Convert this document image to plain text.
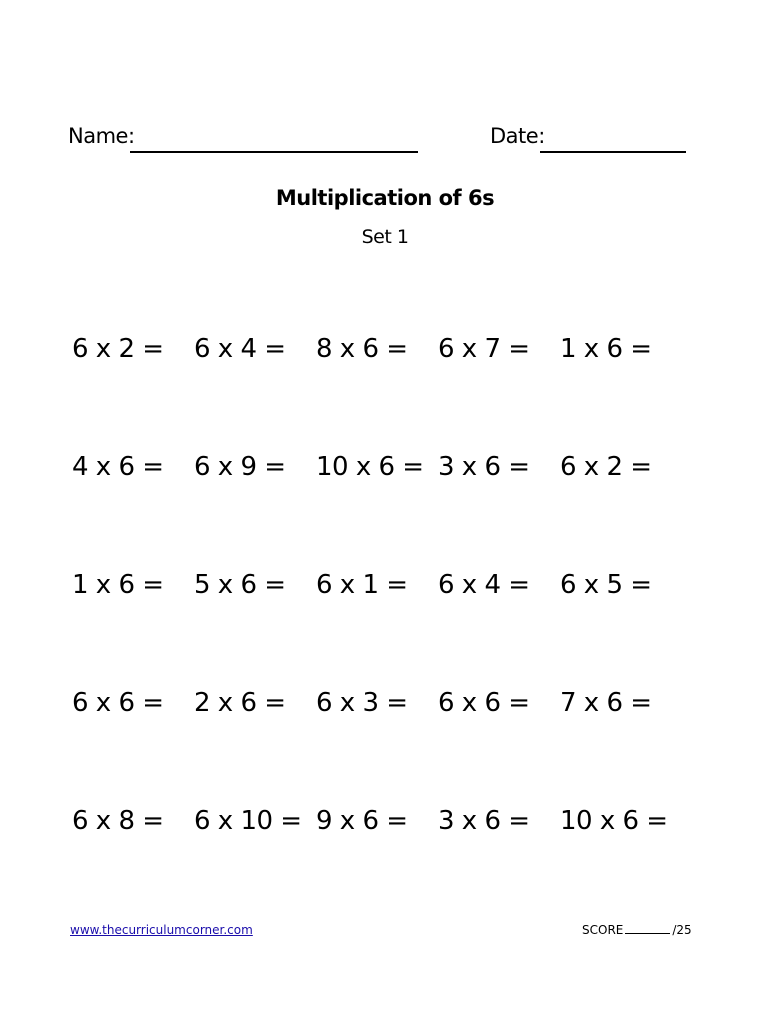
Name:	Date:
Multiplication of 6s
Set 1
6 x 2 = 6 x 4 = 8 x 6 = 6 x 7 = 1 x 6 =
4 x 6 = 6 x 9 = 10 x 6 = 3 x 6 = 6 x 2 =
1 x 6 = 5 x 6 = 6 x 1 = 6 x 4 = 6 x 5 =
6 x 6 = 2 x 6 = 6 x 3 = 6 x 6 = 7 x 6 =
6 x 8 = 6 x 10 = 9 x 6 = 3 x 6 = 10 x 6 =
www.thecurriculumcorner.com	SCORE	/25
